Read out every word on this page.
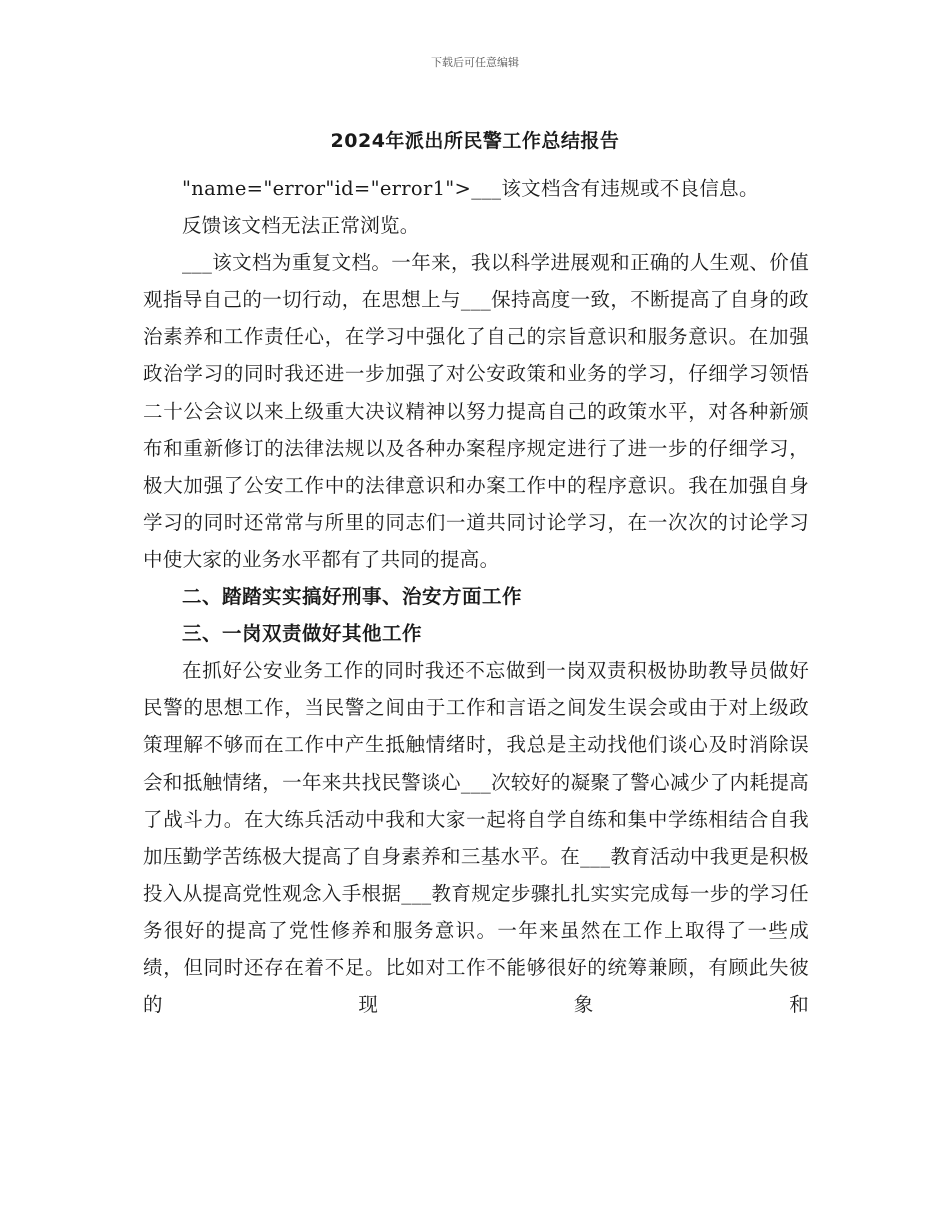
下载后可任意编辑
2024年派出所民警工作总结报告

"name="error"id="error1">___该文档含有违规或不良信息。

反馈该文档无法正常浏览。

___该文档为重复文档。一年来，我以科学进展观和正确的人生观、价值观指导自己的一切行动，在思想上与___保持高度一致，不断提高了自身的政治素养和工作责任心，在学习中强化了自己的宗旨意识和服务意识。在加强政治学习的同时我还进一步加强了对公安政策和业务的学习，仔细学习领悟二十公会议以来上级重大决议精神以努力提高自己的政策水平，对各种新颁布和重新修订的法律法规以及各种办案程序规定进行了进一步的仔细学习，极大加强了公安工作中的法律意识和办案工作中的程序意识。我在加强自身学习的同时还常常与所里的同志们一道共同讨论学习，在一次次的讨论学习中使大家的业务水平都有了共同的提高。

二、踏踏实实搞好刑事、治安方面工作

三、一岗双责做好其他工作

在抓好公安业务工作的同时我还不忘做到一岗双责积极协助教导员做好民警的思想工作，当民警之间由于工作和言语之间发生误会或由于对上级政策理解不够而在工作中产生抵触情绪时，我总是主动找他们谈心及时消除误会和抵触情绪，一年来共找民警谈心___次较好的凝聚了警心减少了内耗提高了战斗力。在大练兵活动中我和大家一起将自学自练和集中学练相结合自我加压勤学苦练极大提高了自身素养和三基水平。在___教育活动中我更是积极投入从提高党性观念入手根据___教育规定步骤扎扎实实完成每一步的学习任务很好的提高了党性修养和服务意识。一年来虽然在工作上取得了一些成绩，但同时还存在着不足。比如对工作不能够很好的统筹兼顾，有顾此失彼的现象和
